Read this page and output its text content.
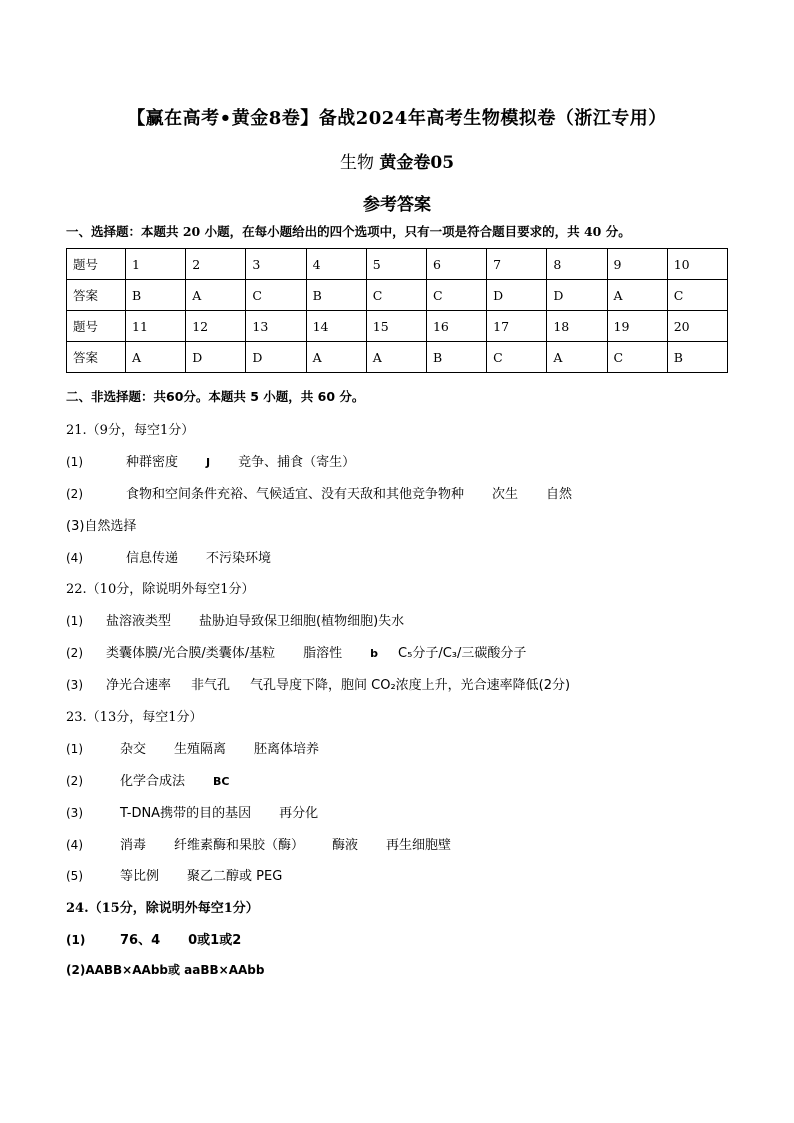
【赢在高考•黄金8卷】备战2024年高考生物模拟卷（浙江专用）
生物 黄金卷05
参考答案
一、选择题：本题共 20 小题，在每小题给出的四个选项中，只有一项是符合题目要求的，共 40 分。
题号	1	2	3	4	5	6	7	8	9	10
答案	B	A	C	B	C	C	D	D	A	C
题号	11	12	13	14	15	16	17	18	19	20
答案	A	D	D	A	A	B	C	A	C	B
二、非选择题：共60分。本题共 5 小题，共 60 分。
21.（9分，每空1分）
(1)	种群密度	J 竞争、捕食（寄生）
(2)	食物和空间条件充裕、气候适宜、没有天敌和其他竞争物种 次生 自然
(3)自然选择
(4)	信息传递 不污染环境
22.（10分，除说明外每空1分）
(1) 盐溶液类型 盐胁迫导致保卫细胞(植物细胞)失水
(2) 类囊体膜/光合膜/类囊体/基粒 脂溶性	b C₅分子/C₃/三碳酸分子
(3) 净光合速率 非气孔 气孔导度下降，胞间 CO₂浓度上升，光合速率降低(2分)
23.（13分，每空1分）
(1)	杂交 生殖隔离 胚离体培养
(2)	化学合成法	BC
(3)	T-DNA携带的目的基因 再分化
(4)	消毒 纤维素酶和果胶（酶） 酶液 再生细胞壁
(5)	等比例 聚乙二醇或 PEG
24.（15分，除说明外每空1分）
(1)	76、4 0或1或2
(2)AABB×AAbb或 aaBB×AAbb
